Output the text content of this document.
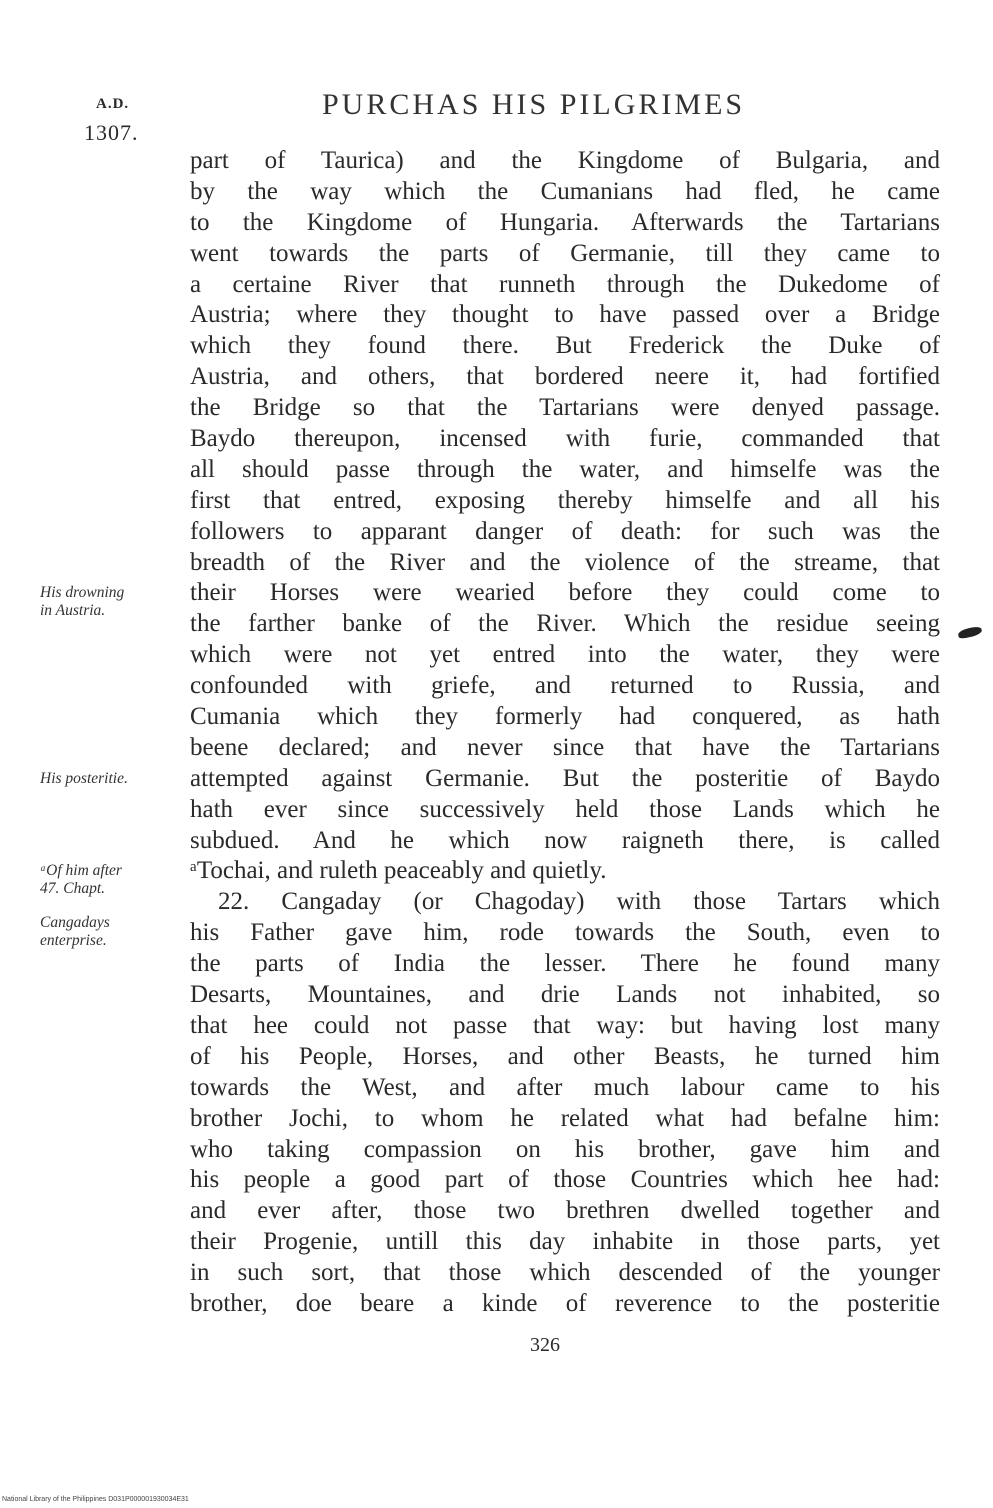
A.D.
1307.
PURCHAS HIS PILGRIMES
His drowning
in Austria.
His posteritie.
ᵃOf him after
47. Chapt.
Cangadays
enterprise.
part of Taurica) and the Kingdome of Bulgaria, and
by the way which the Cumanians had fled, he came
to the Kingdome of Hungaria. Afterwards the Tartarians
went towards the parts of Germanie, till they came to
a certaine River that runneth through the Dukedome of
Austria; where they thought to have passed over a Bridge
which they found there. But Frederick the Duke of
Austria, and others, that bordered neere it, had fortified
the Bridge so that the Tartarians were denyed passage.
Baydo thereupon, incensed with furie, commanded that
all should passe through the water, and himselfe was the
first that entred, exposing thereby himselfe and all his
followers to apparant danger of death: for such was the
breadth of the River and the violence of the streame, that
their Horses were wearied before they could come to
the farther banke of the River. Which the residue seeing
which were not yet entred into the water, they were
confounded with griefe, and returned to Russia, and
Cumania which they formerly had conquered, as hath
beene declared; and never since that have the Tartarians
attempted against Germanie. But the posteritie of Baydo
hath ever since successively held those Lands which he
subdued. And he which now raigneth there, is called
ᵃTochai, and ruleth peaceably and quietly.
22. Cangaday (or Chagoday) with those Tartars which
his Father gave him, rode towards the South, even to
the parts of India the lesser. There he found many
Desarts, Mountaines, and drie Lands not inhabited, so
that hee could not passe that way: but having lost many
of his People, Horses, and other Beasts, he turned him
towards the West, and after much labour came to his
brother Jochi, to whom he related what had befalne him:
who taking compassion on his brother, gave him and
his people a good part of those Countries which hee had:
and ever after, those two brethren dwelled together and
their Progenie, untill this day inhabite in those parts, yet
in such sort, that those which descended of the younger
brother, doe beare a kinde of reverence to the posteritie
326
National Library of the Philippines D031P000001930034E31
